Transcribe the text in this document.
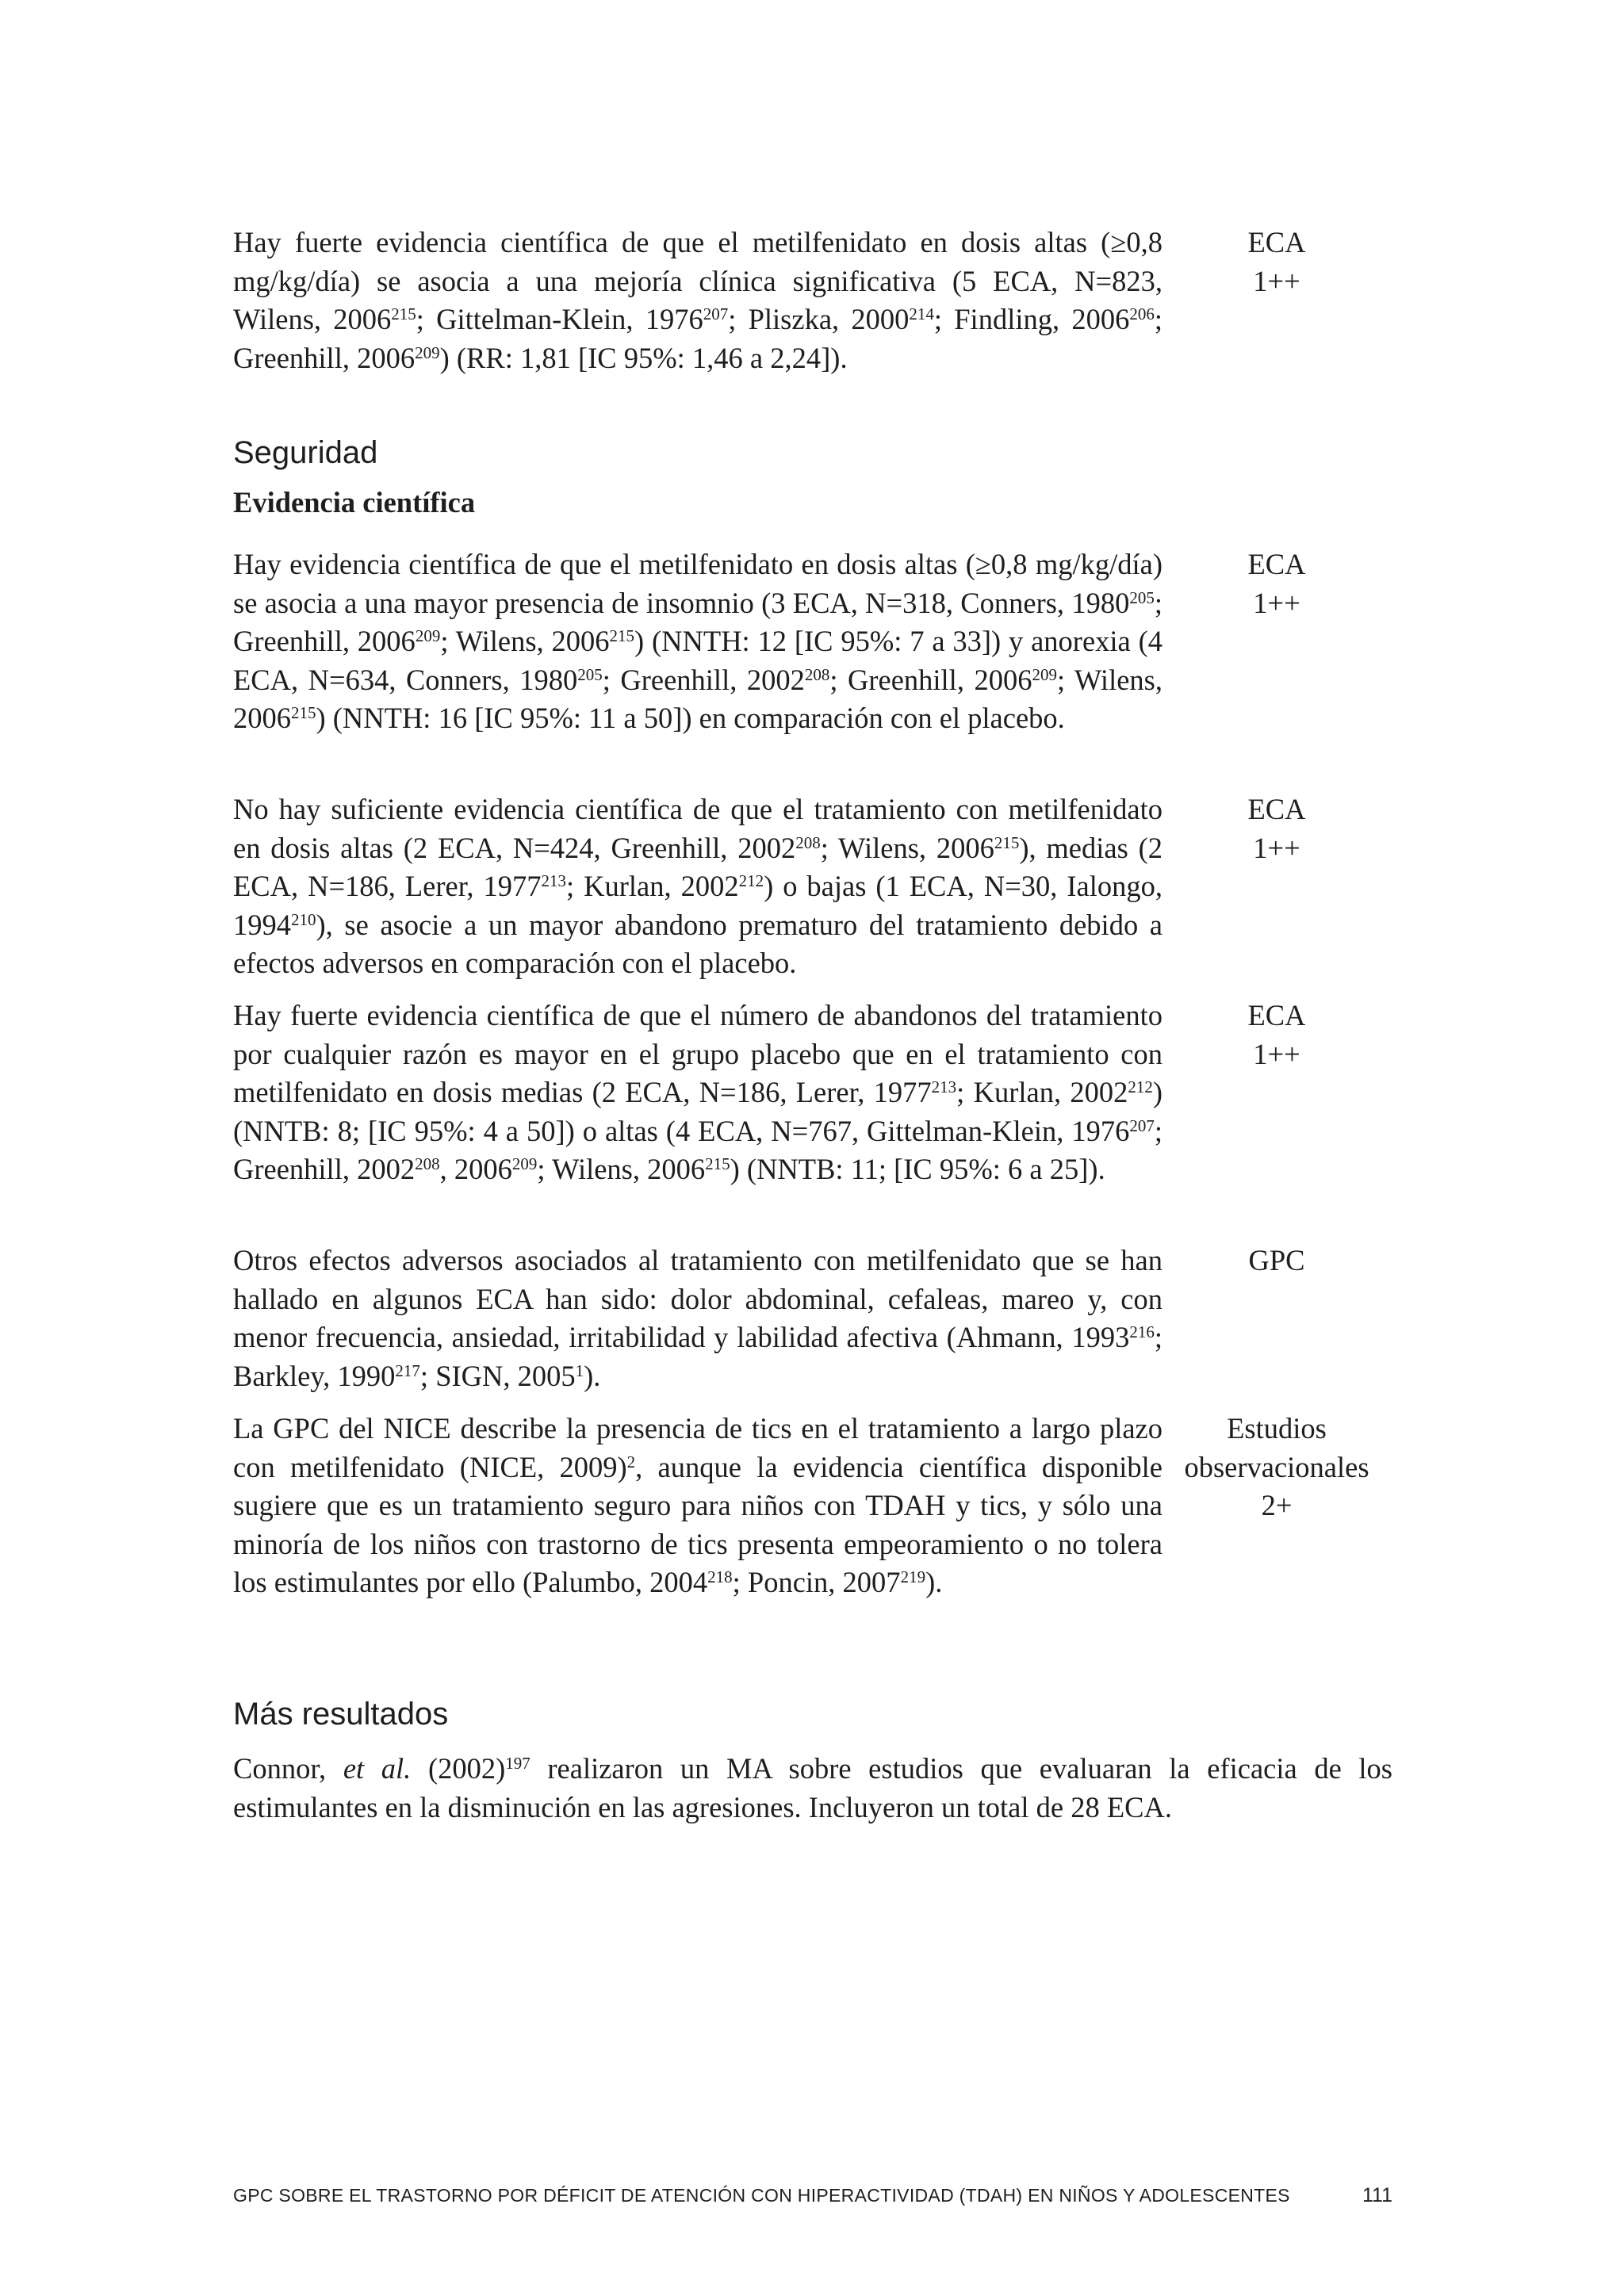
Hay fuerte evidencia científica de que el metilfenidato en dosis altas (≥0,8 mg/kg/día) se asocia a una mejoría clínica significativa (5 ECA, N=823, Wilens, 2006$^{215}$; Gittelman-Klein, 1976$^{207}$; Pliszka, 2000$^{214}$; Findling, 2006$^{206}$; Greenhill, 2006$^{209}$) (RR: 1,81 [IC 95%: 1,46 a 2,24]).

ECA
1++
Seguridad
Evidencia científica

Hay evidencia científica de que el metilfenidato en dosis altas (≥0,8 mg/kg/día) se asocia a una mayor presencia de insomnio (3 ECA, N=318, Conners, 1980$^{205}$; Greenhill, 2006$^{209}$; Wilens, 2006$^{215}$) (NNTH: 12 [IC 95%: 7 a 33]) y anorexia (4 ECA, N=634, Conners, 1980$^{205}$; Greenhill, 2002$^{208}$; Greenhill, 2006$^{209}$; Wilens, 2006$^{215}$) (NNTH: 16 [IC 95%: 11 a 50]) en comparación con el placebo.

ECA
1++

No hay suficiente evidencia científica de que el tratamiento con metilfenidato en dosis altas (2 ECA, N=424, Greenhill, 2002$^{208}$; Wilens, 2006$^{215}$), medias (2 ECA, N=186, Lerer, 1977$^{213}$; Kurlan, 2002$^{212}$) o bajas (1 ECA, N=30, Ialongo, 1994$^{210}$), se asocie a un mayor abandono prematuro del tratamiento debido a efectos adversos en comparación con el placebo.

ECA
1++

Hay fuerte evidencia científica de que el número de abandonos del tratamiento por cualquier razón es mayor en el grupo placebo que en el tratamiento con metilfenidato en dosis medias (2 ECA, N=186, Lerer, 1977$^{213}$; Kurlan, 2002$^{212}$) (NNTB: 8; [IC 95%: 4 a 50]) o altas (4 ECA, N=767, Gittelman-Klein, 1976$^{207}$; Greenhill, 2002$^{208}$, 2006$^{209}$; Wilens, 2006$^{215}$) (NNTB: 11; [IC 95%: 6 a 25]).

ECA
1++

Otros efectos adversos asociados al tratamiento con metilfenidato que se han hallado en algunos ECA han sido: dolor abdominal, cefaleas, mareo y, con menor frecuencia, ansiedad, irritabilidad y labilidad afectiva (Ahmann, 1993$^{216}$; Barkley, 1990$^{217}$; SIGN, 2005$^1$).

GPC

La GPC del NICE describe la presencia de tics en el tratamiento a largo plazo con metilfenidato (NICE, 2009)$^2$, aunque la evidencia científica disponible sugiere que es un tratamiento seguro para niños con TDAH y tics, y sólo una minoría de los niños con trastorno de tics presenta empeoramiento o no tolera los estimulantes por ello (Palumbo, 2004$^{218}$; Poncin, 2007$^{219}$).

Estudios
observacionales
2+
Más resultados
Connor, et al. $(2002)^{197}$ realizaron un MA sobre estudios que evaluaran la eficacia de los estimulantes en la disminución en las agresiones. Incluyeron un total de 28 ECA.
GPC SOBRE EL TRASTORNO POR DÉFICIT DE ATENCIÓN CON HIPERACTIVIDAD (TDAH) EN NIÑOS Y ADOLESCENTES	111
